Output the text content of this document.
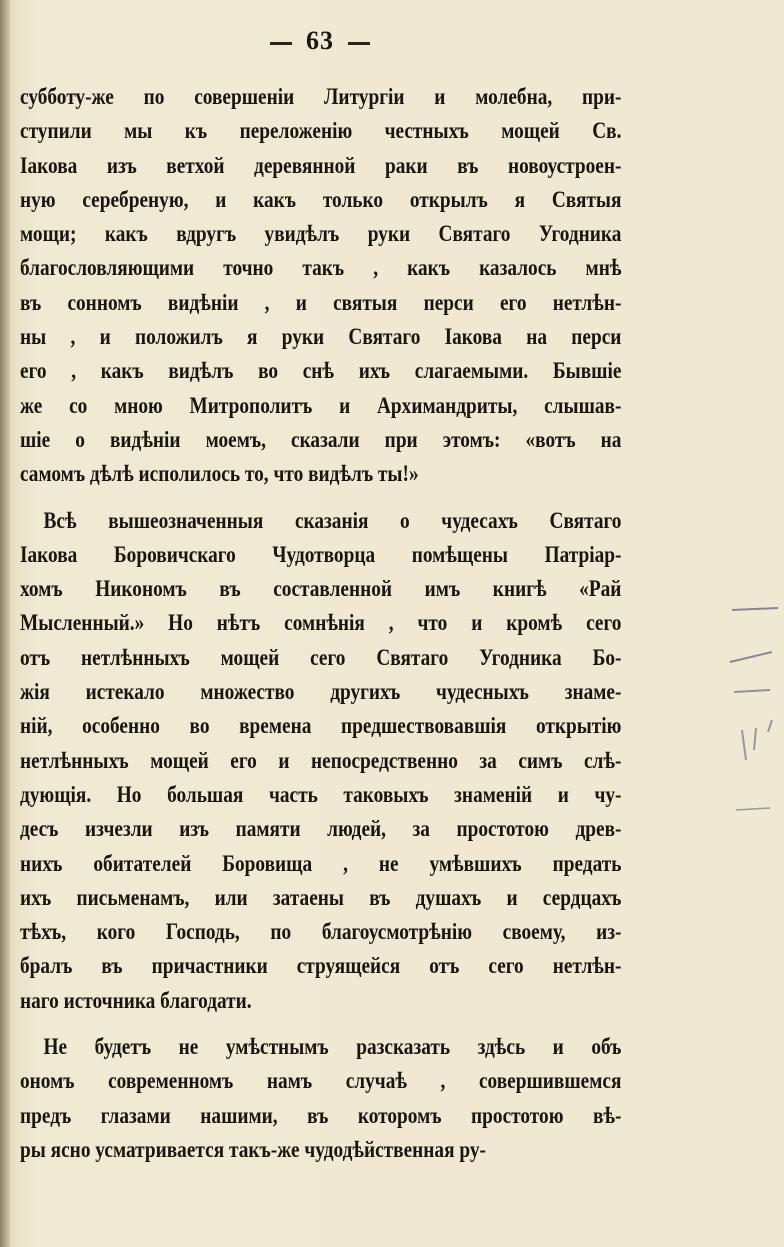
63
субботу-же по совершеніи Литургіи и молебна, при-
ступили мы къ переложенію честныхъ мощей Св.
Іакова изъ ветхой деревянной раки въ новоустроен-
ную серебреную, и какъ только открылъ я Святыя
мощи; какъ вдругъ увидѣлъ руки Святаго Угодника
благословляющими точно такъ , какъ казалось мнѣ
въ сонномъ видѣніи , и святыя перси его нетлѣн-
ны , и положилъ я руки Святаго Іакова на перси
его , какъ видѣлъ во снѣ ихъ слагаемыми. Бывшіе
же со мною Митрополитъ и Архимандриты, слышав-
шіе о видѣніи моемъ, сказали при этомъ: «вотъ на
самомъ дѣлѣ исполилось то, что видѣлъ ты!»
Всѣ вышеозначенныя сказанія о чудесахъ Святаго
Іакова Боровичскаго Чудотворца помѣщены Патріар-
хомъ Никономъ въ составленной имъ книгѣ «Рай
Мысленный.» Но нѣтъ сомнѣнія , что и кромѣ сего
отъ нетлѣнныхъ мощей сего Святаго Угодника Бо-
жія истекало множество другихъ чудесныхъ знаме-
ній, особенно во времена предшествовавшія открытію
нетлѣнныхъ мощей его и непосредственно за симъ слѣ-
дующія. Но большая часть таковыхъ знаменій и чу-
десъ изчезли изъ памяти людей, за простотою древ-
нихъ обитателей Боровища , не умѣвшихъ предать
ихъ письменамъ, или затаены въ душахъ и сердцахъ
тѣхъ, кого Господь, по благоусмотрѣнію своему, из-
бралъ въ причастники струящейся отъ сего нетлѣн-
наго источника благодати.
Не будетъ не умѣстнымъ разсказать здѣсь и объ
ономъ современномъ намъ случаѣ , совершившемся
предъ глазами нашими, въ которомъ простотою вѣ-
ры ясно усматривается такъ-же чудодѣйственная ру-
